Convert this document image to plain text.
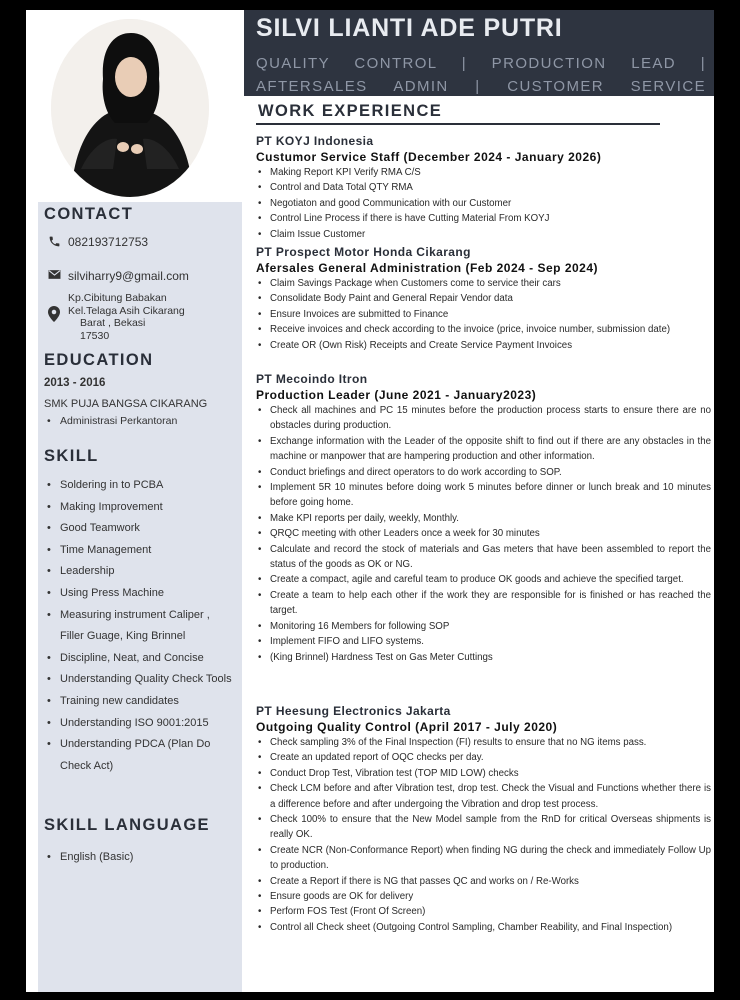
CONTACT
082193712753
silviharry9@gmail.com
Kp.Cibitung Babakan
Kel.Telaga Asih Cikarang
Barat , Bekasi
17530
EDUCATION
2013 - 2016
SMK PUJA BANGSA CIKARANG
• Administrasi Perkantoran
SKILL
• Soldering in to PCBA
• Making Improvement
• Good Teamwork
• Time Management
• Leadership
• Using Press Machine
• Measuring instrument Caliper , Filler Guage, King Brinnel
• Discipline, Neat, and Concise
• Understanding Quality Check Tools
• Training new candidates
• Understanding ISO 9001:2015
• Understanding PDCA (Plan Do Check Act)
SKILL LANGUAGE
• English (Basic)
SILVI LIANTI ADE PUTRI
QUALITY CONTROL | PRODUCTION LEAD | AFTERSALES ADMIN | CUSTOMER SERVICE
WORK EXPERIENCE
PT KOYJ Indonesia
Custumor Service Staff (December 2024 - January 2026)
• Making Report KPI Verify RMA C/S
• Control and Data Total QTY RMA
• Negotiaton and good Communication with our Customer
• Control Line Process if there is have Cutting Material From KOYJ
• Claim Issue Customer
PT Prospect Motor Honda Cikarang
Afersales General Administration (Feb 2024 - Sep 2024)
• Claim Savings Package when Customers come to service their cars
• Consolidate Body Paint and General Repair Vendor data
• Ensure Invoices are submitted to Finance
• Receive invoices and check according to the invoice (price, invoice number, submission date)
• Create OR (Own Risk) Receipts and Create Service Payment Invoices
PT Mecoindo Itron
Production Leader (June 2021 - January2023)
• Check all machines and PC 15 minutes before the production process starts to ensure there are no obstacles during production.
• Exchange information with the Leader of the opposite shift to find out if there are any obstacles in the machine or manpower that are hampering production and other information.
• Conduct briefings and direct operators to do work according to SOP.
• Implement 5R 10 minutes before doing work 5 minutes before dinner or lunch break and 10 minutes before going home.
• Make KPI reports per daily, weekly, Monthly.
• QRQC meeting with other Leaders once a week for 30 minutes
• Calculate and record the stock of materials and Gas meters that have been assembled to report the status of the goods as OK or NG.
• Create a compact, agile and careful team to produce OK goods and achieve the specified target.
• Create a team to help each other if the work they are responsible for is finished or has reached the target.
• Monitoring 16 Members for following SOP
• Implement FIFO and LIFO systems.
• (King Brinnel) Hardness Test on Gas Meter Cuttings
PT Heesung Electronics Jakarta
Outgoing Quality Control (April 2017 - July 2020)
• Check sampling 3% of the Final Inspection (FI) results to ensure that no NG items pass.
• Create an updated report of OQC checks per day.
• Conduct Drop Test, Vibration test (TOP MID LOW) checks
• Check LCM before and after Vibration test, drop test. Check the Visual and Functions whether there is a difference before and after undergoing the Vibration and drop test process.
• Check 100% to ensure that the New Model sample from the RnD for critical Overseas shipments is really OK.
• Create NCR (Non-Conformance Report) when finding NG during the check and immediately Follow Up to production.
• Create a Report if there is NG that passes QC and works on / Re-Works
• Ensure goods are OK for delivery
• Perform FOS Test (Front Of Screen)
• Control all Check sheet (Outgoing Control Sampling, Chamber Reability, and Final Inspection)
